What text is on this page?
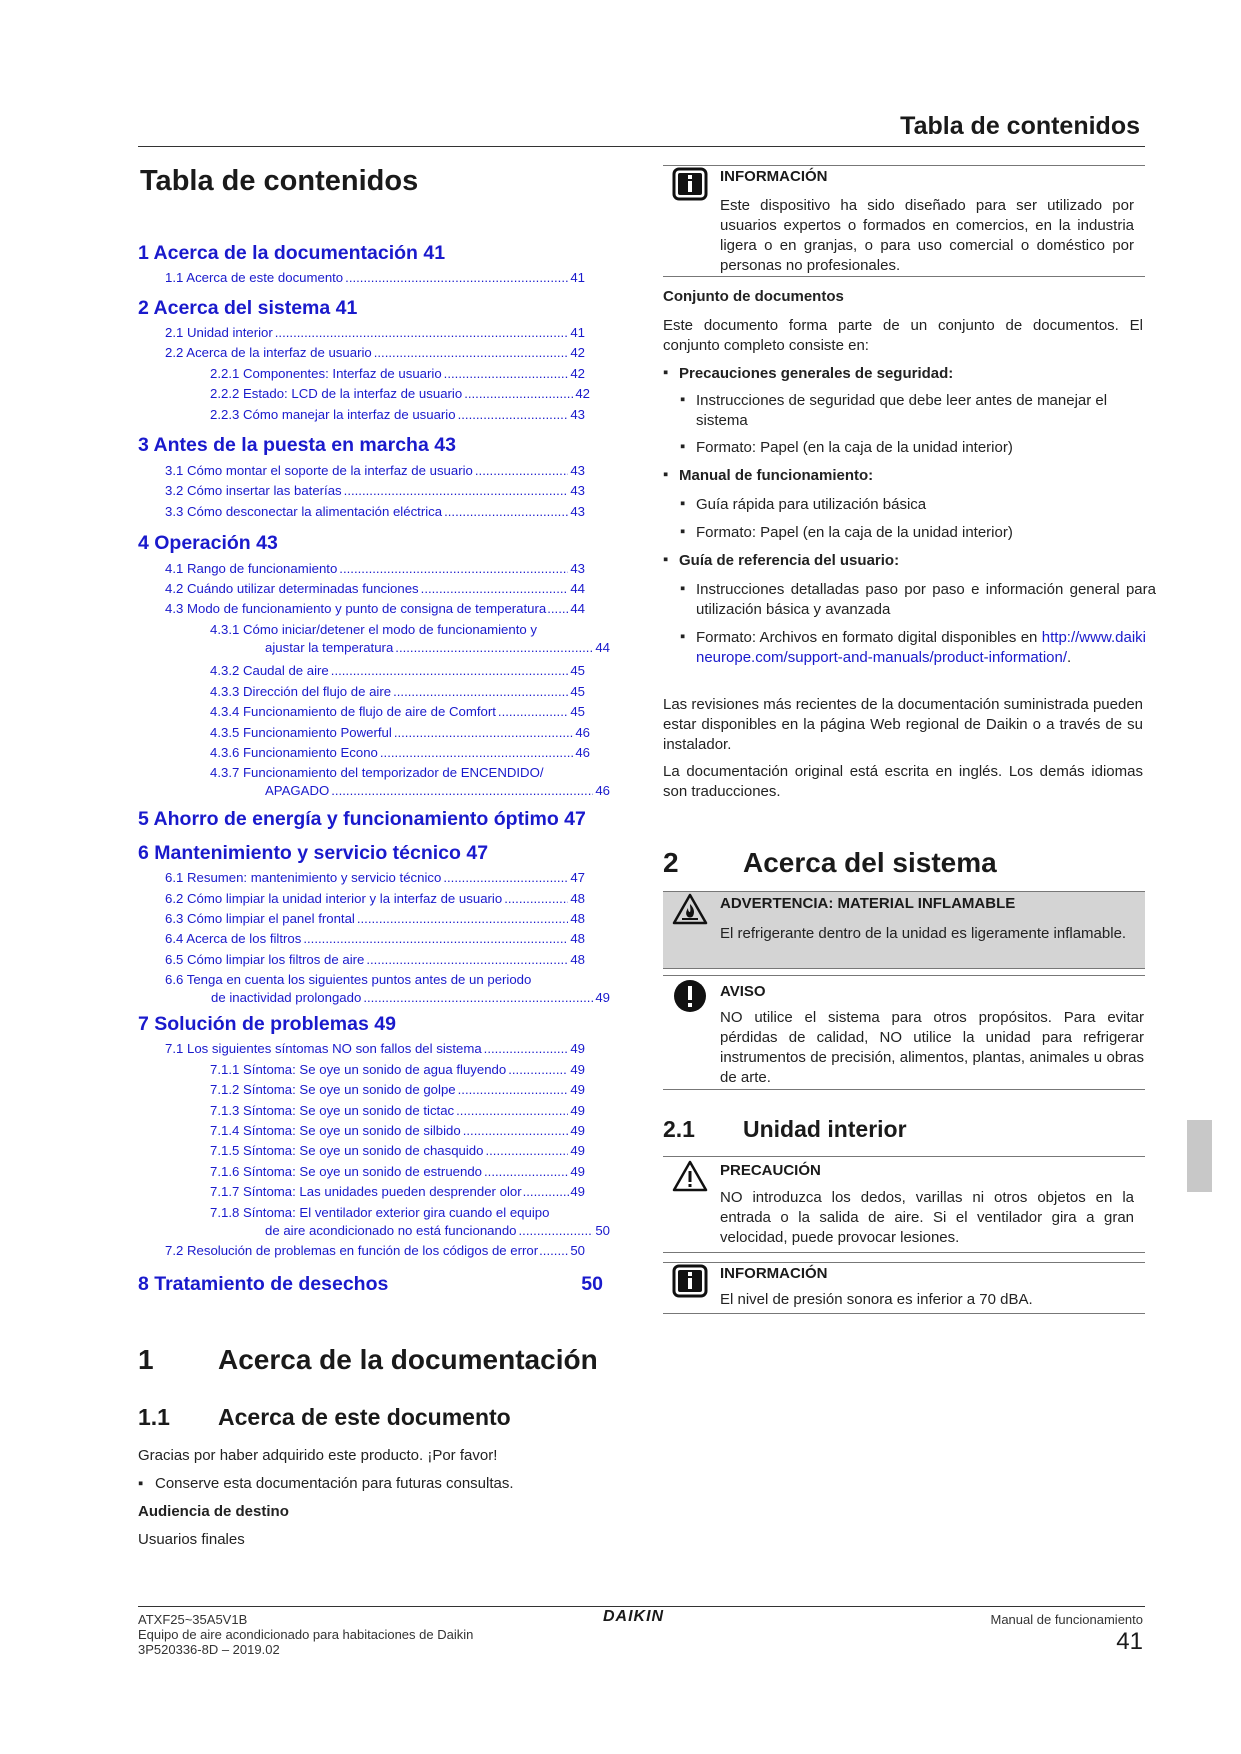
Tabla de contenidos
Tabla de contenidos
1 Acerca de la documentación 41
1.1 Acerca de este documento .....	41
2 Acerca del sistema 41
2.1 Unidad interior .....	41
2.2 Acerca de la interfaz de usuario .....	42
2.2.1 Componentes: Interfaz de usuario .....	42
2.2.2 Estado: LCD de la interfaz de usuario .....	42
2.2.3 Cómo manejar la interfaz de usuario .....	43
3 Antes de la puesta en marcha 43
3.1 Cómo montar el soporte de la interfaz de usuario .....	43
3.2 Cómo insertar las baterías .....	43
3.3 Cómo desconectar la alimentación eléctrica .....	43
4 Operación 43
4.1 Rango de funcionamiento .....	43
4.2 Cuándo utilizar determinadas funciones .....	44
4.3 Modo de funcionamiento y punto de consigna de temperatura ..... 44
4.3.1 Cómo iniciar/detener el modo de funcionamiento y
ajustar la temperatura .....	44
4.3.2 Caudal de aire .....	45
4.3.3 Dirección del flujo de aire .....	45
4.3.4 Funcionamiento de flujo de aire de Comfort .....	45
4.3.5 Funcionamiento Powerful .....	46
4.3.6 Funcionamiento Econo .....	46
4.3.7 Funcionamiento del temporizador de ENCENDIDO/
APAGADO .....	46
5 Ahorro de energía y funcionamiento óptimo 47
6 Mantenimiento y servicio técnico 47
6.1 Resumen: mantenimiento y servicio técnico .....	47
6.2 Cómo limpiar la unidad interior y la interfaz de usuario .....	48
6.3 Cómo limpiar el panel frontal .....	48
6.4 Acerca de los filtros .....	48
6.5 Cómo limpiar los filtros de aire .....	48
6.6 Tenga en cuenta los siguientes puntos antes de un periodo
de inactividad prolongado .....	49
7 Solución de problemas 49
7.1 Los siguientes síntomas NO son fallos del sistema .....	49
7.1.1 Síntoma: Se oye un sonido de agua fluyendo .....	49
7.1.2 Síntoma: Se oye un sonido de golpe .....	49
7.1.3 Síntoma: Se oye un sonido de tictac .....	49
7.1.4 Síntoma: Se oye un sonido de silbido .....	49
7.1.5 Síntoma: Se oye un sonido de chasquido .....	49
7.1.6 Síntoma: Se oye un sonido de estruendo .....	49
7.1.7 Síntoma: Las unidades pueden desprender olor .....	49
7.1.8 Síntoma: El ventilador exterior gira cuando el equipo
de aire acondicionado no está funcionando .....	50
7.2 Resolución de problemas en función de los códigos de error ..... 50
8 Tratamiento de desechos	50
1 Acerca de la documentación
1.1 Acerca de este documento
Gracias por haber adquirido este producto. ¡Por favor!
▪ Conserve esta documentación para futuras consultas.
Audiencia de destino
Usuarios finales
INFORMACIÓN
Este dispositivo ha sido diseñado para ser utilizado por usuarios expertos o formados en comercios, en la industria ligera o en granjas, o para uso comercial o doméstico por personas no profesionales.
Conjunto de documentos
Este documento forma parte de un conjunto de documentos. El conjunto completo consiste en:
▪ Precauciones generales de seguridad:
▪ Instrucciones de seguridad que debe leer antes de manejar el sistema
▪ Formato: Papel (en la caja de la unidad interior)
▪ Manual de funcionamiento:
▪ Guía rápida para utilización básica
▪ Formato: Papel (en la caja de la unidad interior)
▪ Guía de referencia del usuario:
▪ Instrucciones detalladas paso por paso e información general para utilización básica y avanzada
▪ Formato: Archivos en formato digital disponibles en http://www.daikineurope.com/support-and-manuals/product-information/.
Las revisiones más recientes de la documentación suministrada pueden estar disponibles en la página Web regional de Daikin o a través de su instalador.
La documentación original está escrita en inglés. Los demás idiomas son traducciones.
2 Acerca del sistema
ADVERTENCIA: MATERIAL INFLAMABLE
El refrigerante dentro de la unidad es ligeramente inflamable.
AVISO
NO utilice el sistema para otros propósitos. Para evitar pérdidas de calidad, NO utilice la unidad para refrigerar instrumentos de precisión, alimentos, plantas, animales u obras de arte.
2.1 Unidad interior
PRECAUCIÓN
NO introduzca los dedos, varillas ni otros objetos en la entrada o la salida de aire. Si el ventilador gira a gran velocidad, puede provocar lesiones.
INFORMACIÓN
El nivel de presión sonora es inferior a 70 dBA.
ATXF25~35A5V1B
Equipo de aire acondicionado para habitaciones de Daikin
3P520336-8D – 2019.02
DAIKIN	Manual de funcionamiento
41
